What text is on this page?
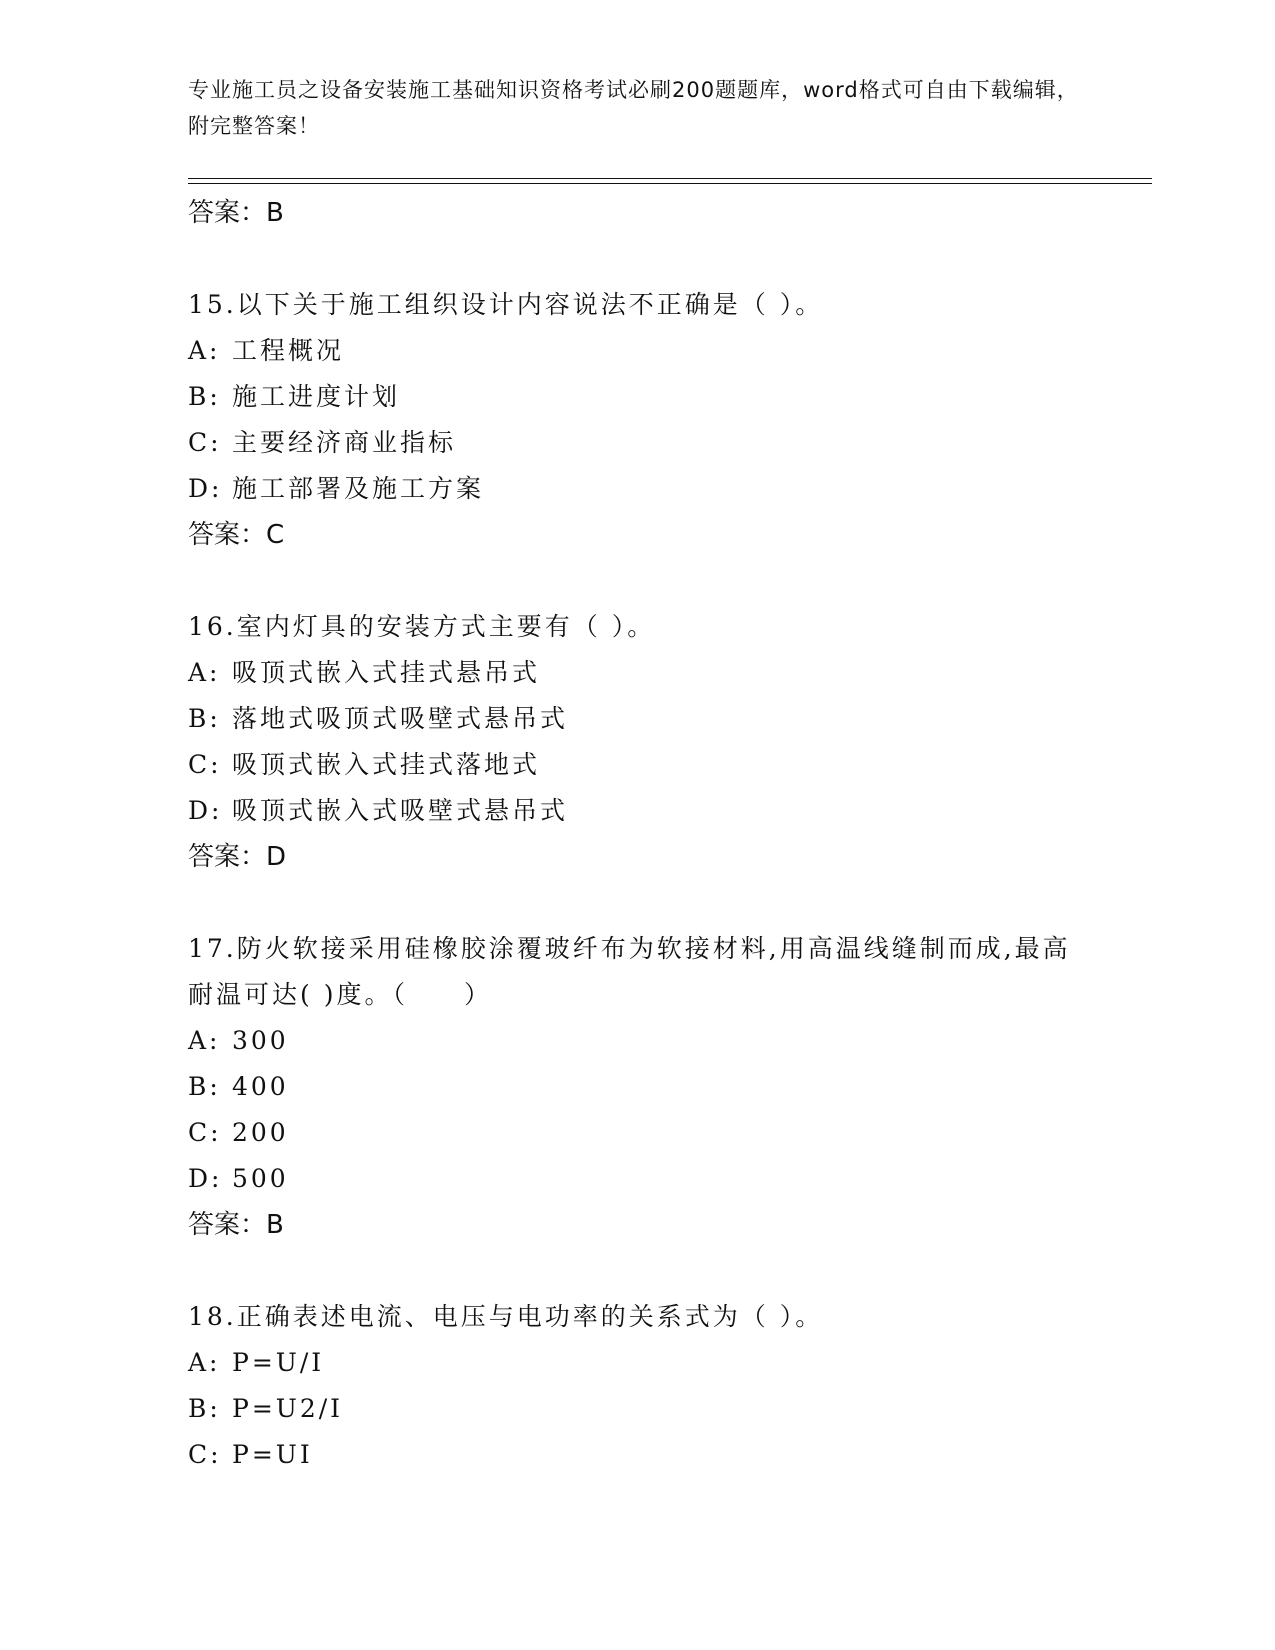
专业施工员之设备安装施工基础知识资格考试必刷200题题库，word格式可自由下载编辑，附完整答案！
答案：B
15.以下关于施工组织设计内容说法不正确是（ ）。
A: 工程概况
B: 施工进度计划
C: 主要经济商业指标
D: 施工部署及施工方案
答案：C
16.室内灯具的安装方式主要有（ ）。
A: 吸顶式嵌入式挂式悬吊式
B: 落地式吸顶式吸壁式悬吊式
C: 吸顶式嵌入式挂式落地式
D: 吸顶式嵌入式吸壁式悬吊式
答案：D
17.防火软接采用硅橡胶涂覆玻纤布为软接材料,用高温线缝制而成,最高耐温可达( )度。（　　）
A: 300
B: 400
C: 200
D: 500
答案：B
18.正确表述电流、电压与电功率的关系式为（ ）。
A: P=U/I
B: P=U2/I
C: P=UI
